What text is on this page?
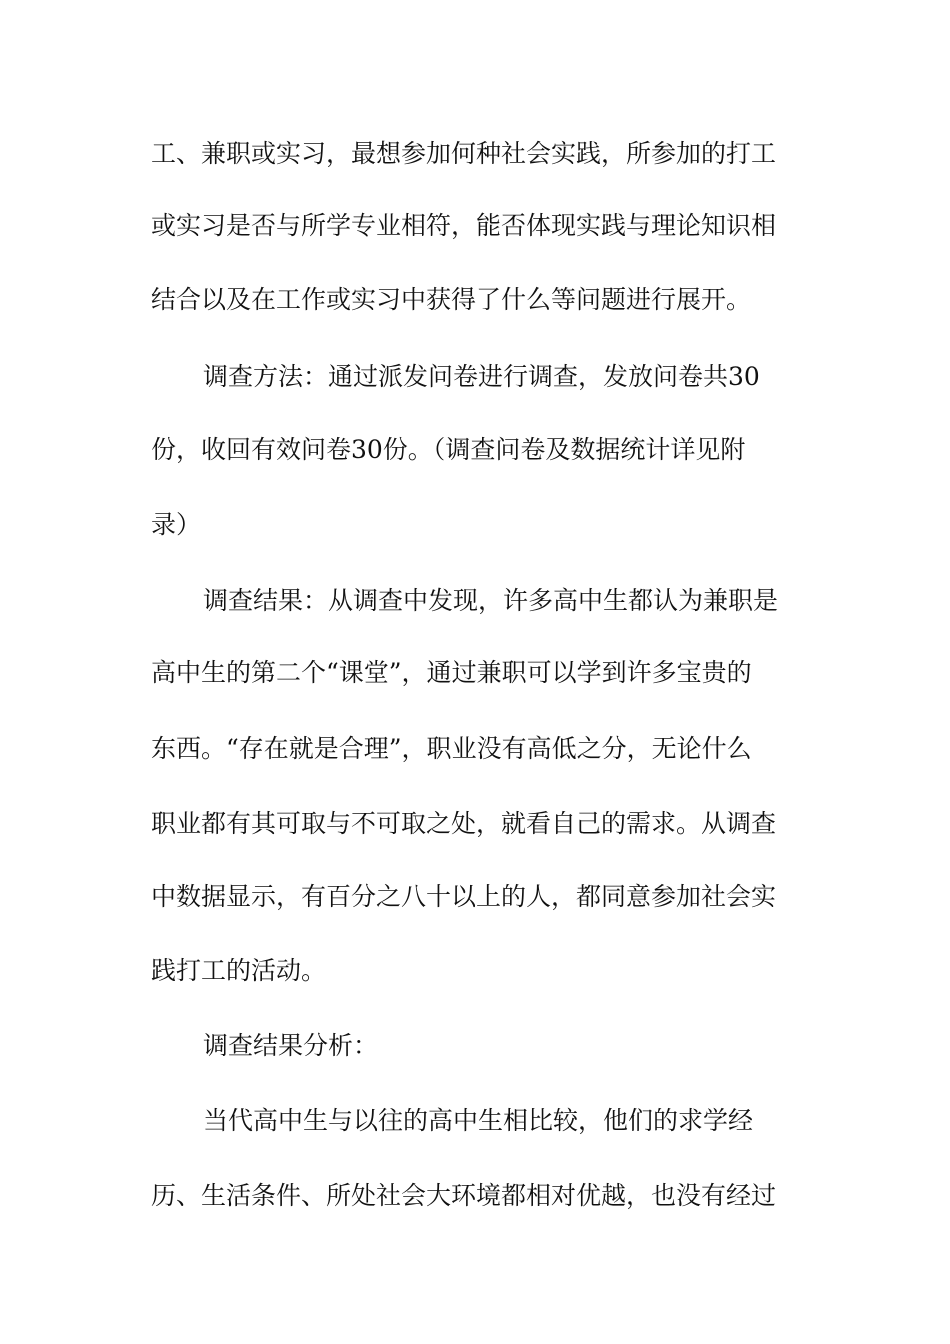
工、兼职或实习，最想参加何种社会实践，所参加的打工

或实习是否与所学专业相符，能否体现实践与理论知识相

结合以及在工作或实习中获得了什么等问题进行展开。

调查方法：通过派发问卷进行调查，发放问卷共30

份，收回有效问卷30份。（调查问卷及数据统计详见附

录）

调查结果：从调查中发现，许多高中生都认为兼职是

高中生的第二个“课堂”，通过兼职可以学到许多宝贵的

东西。“存在就是合理”，职业没有高低之分，无论什么

职业都有其可取与不可取之处，就看自己的需求。从调查

中数据显示，有百分之八十以上的人，都同意参加社会实

践打工的活动。

调查结果分析：

当代高中生与以往的高中生相比较，他们的求学经

历、生活条件、所处社会大环境都相对优越，也没有经过
